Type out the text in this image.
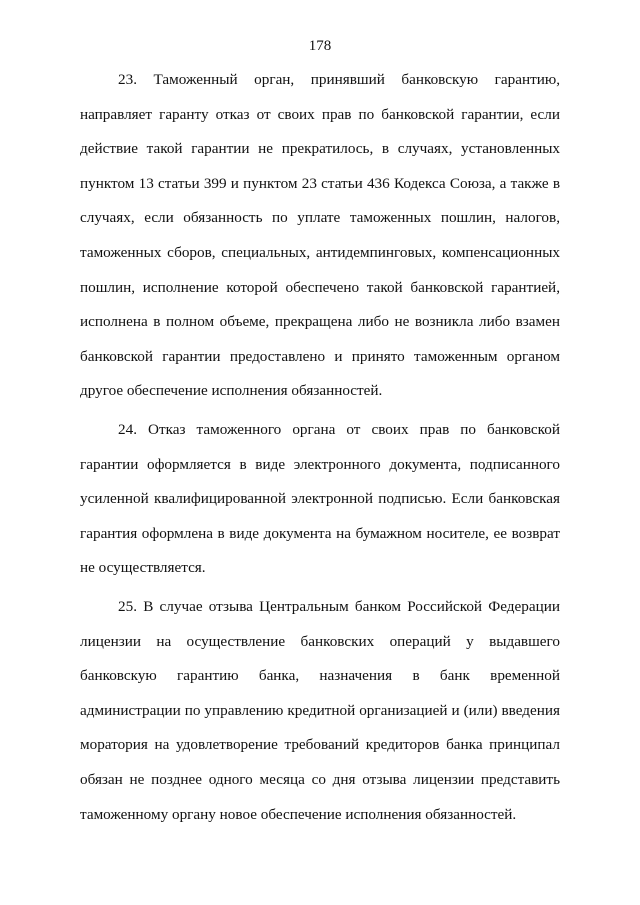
178

23. Таможенный орган, принявший банковскую гарантию, направляет гаранту отказ от своих прав по банковской гарантии, если действие такой гарантии не прекратилось, в случаях, установленных пунктом 13 статьи 399 и пунктом 23 статьи 436 Кодекса Союза, а также в случаях, если обязанность по уплате таможенных пошлин, налогов, таможенных сборов, специальных, антидемпинговых, компенсационных пошлин, исполнение которой обеспечено такой банковской гарантией, исполнена в полном объеме, прекращена либо не возникла либо взамен банковской гарантии предоставлено и принято таможенным органом другое обеспечение исполнения обязанностей.

24. Отказ таможенного органа от своих прав по банковской гарантии оформляется в виде электронного документа, подписанного усиленной квалифицированной электронной подписью. Если банковская гарантия оформлена в виде документа на бумажном носителе, ее возврат не осуществляется.

25. В случае отзыва Центральным банком Российской Федерации лицензии на осуществление банковских операций у выдавшего банковскую гарантию банка, назначения в банк временной администрации по управлению кредитной организацией и (или) введения моратория на удовлетворение требований кредиторов банка принципал обязан не позднее одного месяца со дня отзыва лицензии представить таможенному органу новое обеспечение исполнения обязанностей.
